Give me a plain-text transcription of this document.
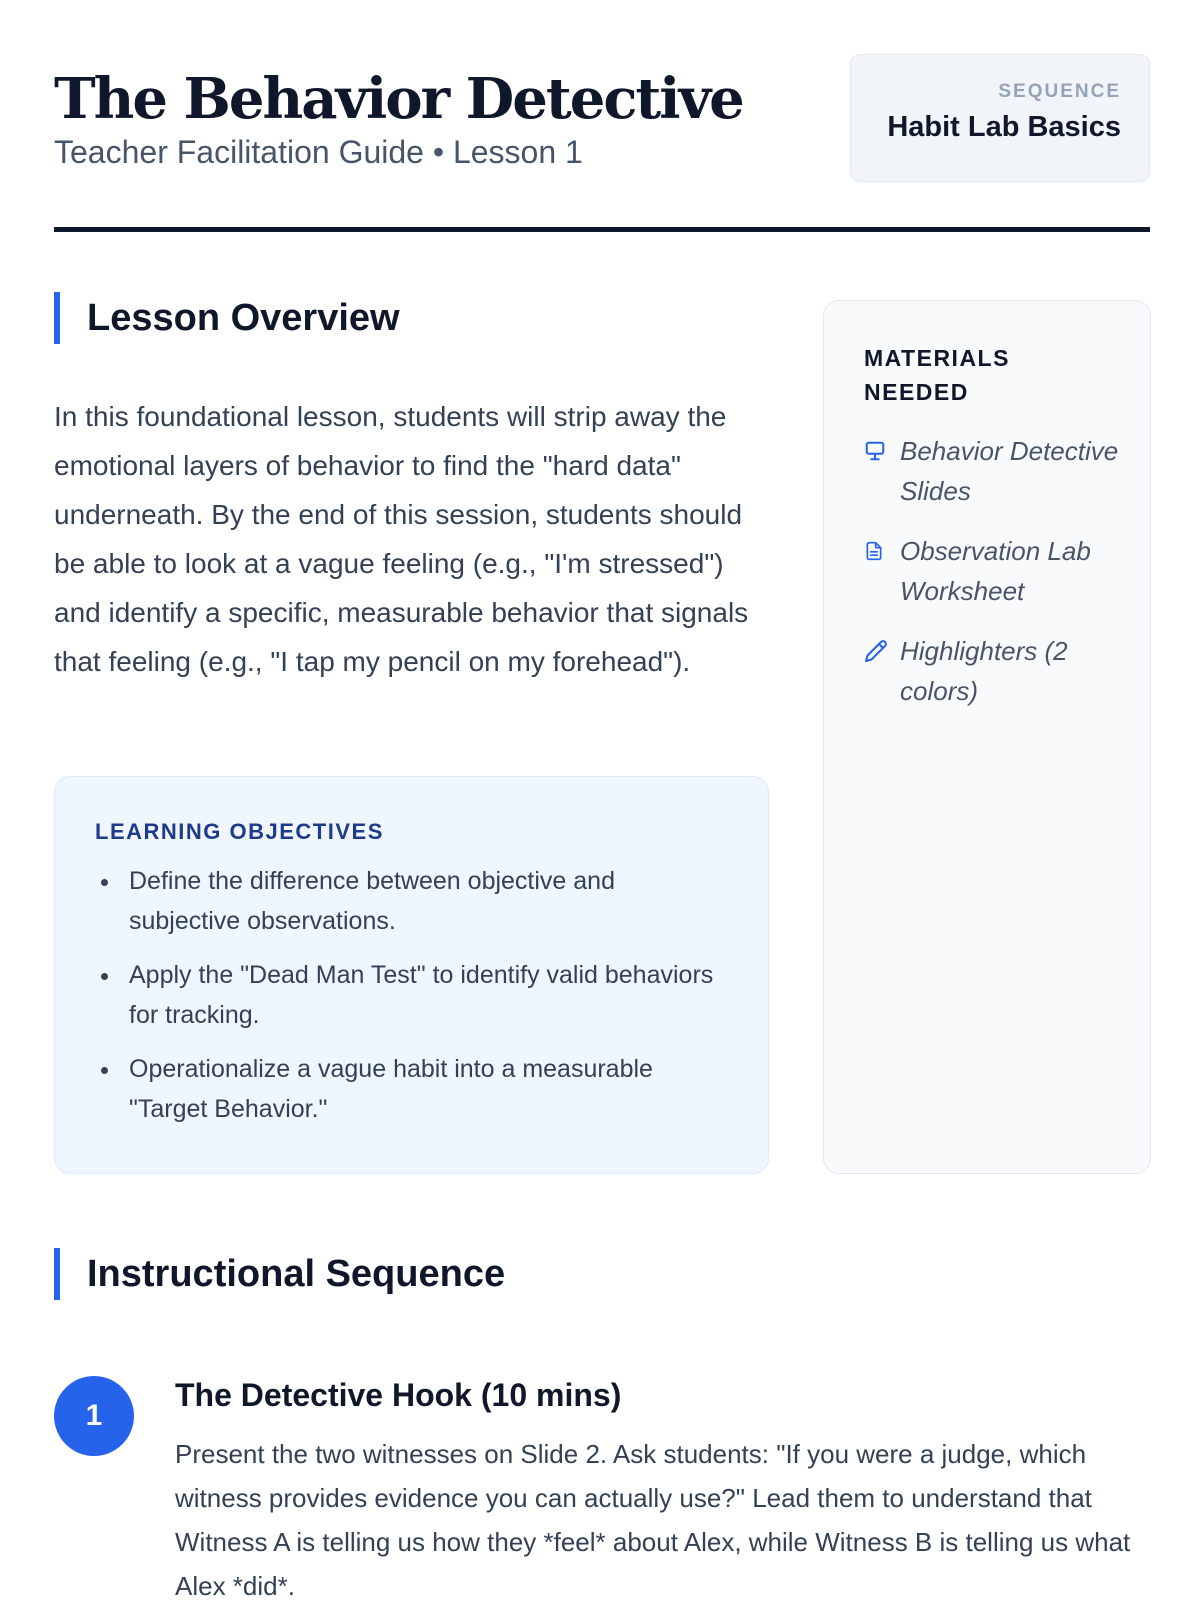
The Behavior Detective
Teacher Facilitation Guide • Lesson 1
SEQUENCE
Habit Lab Basics
Lesson Overview

In this foundational lesson, students will strip away the emotional layers of behavior to find the "hard data" underneath. By the end of this session, students should be able to look at a vague feeling (e.g., "I'm stressed") and identify a specific, measurable behavior that signals that feeling (e.g., "I tap my pencil on my forehead").

LEARNING OBJECTIVES
Define the difference between objective and subjective observations.
Apply the "Dead Man Test" to identify valid behaviors for tracking.
Operationalize a vague habit into a measurable "Target Behavior."
MATERIALS NEEDED
Behavior Detective Slides
Observation Lab Worksheet
Highlighters (2 colors)
Instructional Sequence
1
The Detective Hook (10 mins)

Present the two witnesses on Slide 2. Ask students: "If you were a judge, which witness provides evidence you can actually use?" Lead them to understand that Witness A is telling us how they *feel* about Alex, while Witness B is telling us what Alex *did*.
